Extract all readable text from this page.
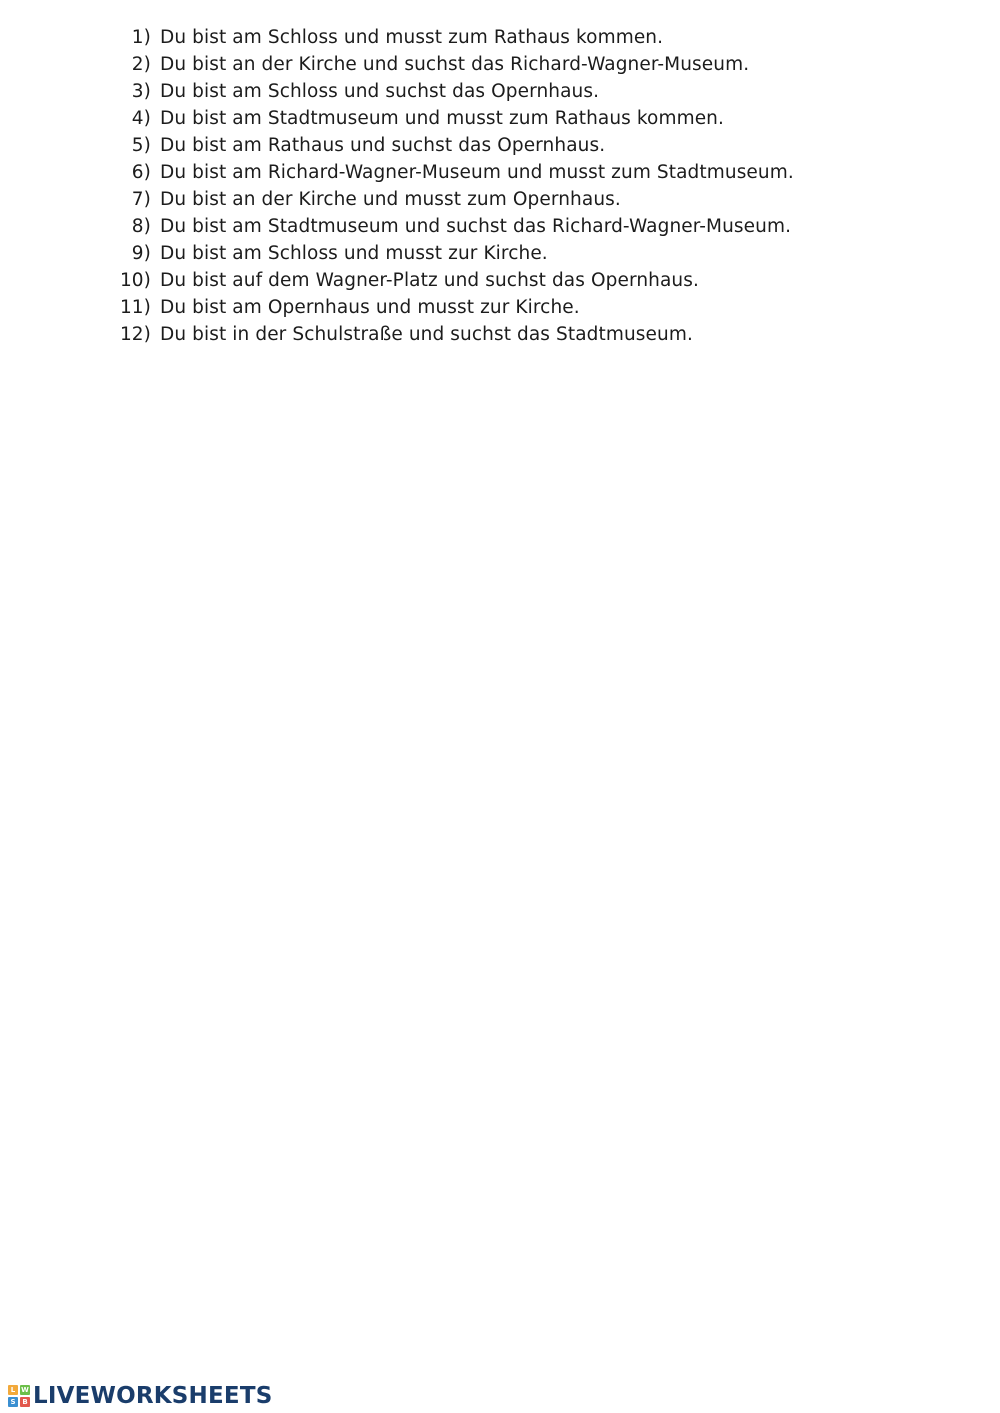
1) Du bist am Schloss und musst zum Rathaus kommen.
2) Du bist an der Kirche und suchst das Richard-Wagner-Museum.
3) Du bist am Schloss und suchst das Opernhaus.
4) Du bist am Stadtmuseum und musst zum Rathaus kommen.
5) Du bist am Rathaus und suchst das Opernhaus.
6) Du bist am Richard-Wagner-Museum und musst zum Stadtmuseum.
7) Du bist an der Kirche und musst zum Opernhaus.
8) Du bist am Stadtmuseum und suchst das Richard-Wagner-Museum.
9) Du bist am Schloss und musst zur Kirche.
10) Du bist auf dem Wagner-Platz und suchst das Opernhaus.
11) Du bist am Opernhaus und musst zur Kirche.
12) Du bist in der Schulstraße und suchst das Stadtmuseum.
L W
S B LIVEWORKSHEETS
